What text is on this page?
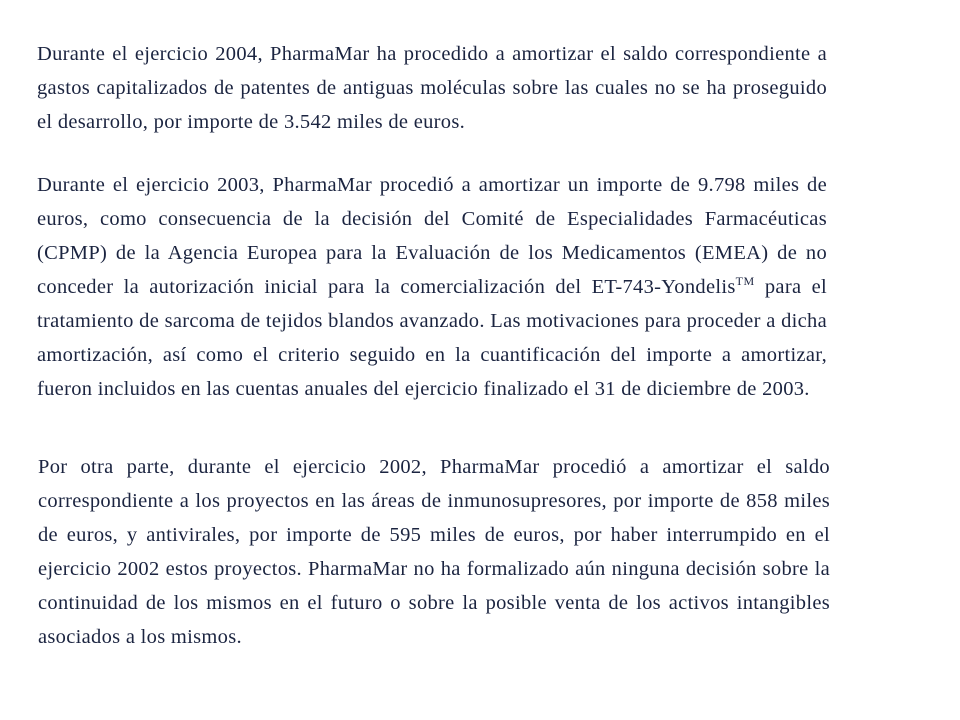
Durante el ejercicio 2004, PharmaMar ha procedido a amortizar el saldo correspondiente a gastos capitalizados de patentes de antiguas moléculas sobre las cuales no se ha proseguido el desarrollo, por importe de 3.542 miles de euros.

Durante el ejercicio 2003, PharmaMar procedió a amortizar un importe de 9.798 miles de euros, como consecuencia de la decisión del Comité de Especialidades Farmacéuticas (CPMP) de la Agencia Europea para la Evaluación de los Medicamentos (EMEA) de no conceder la autorización inicial para la comercialización del ET-743-Yondelis™ para el tratamiento de sarcoma de tejidos blandos avanzado. Las motivaciones para proceder a dicha amortización, así como el criterio seguido en la cuantificación del importe a amortizar, fueron incluidos en las cuentas anuales del ejercicio finalizado el 31 de diciembre de 2003.

Por otra parte, durante el ejercicio 2002, PharmaMar procedió a amortizar el saldo correspondiente a los proyectos en las áreas de inmunosupresores, por importe de 858 miles de euros, y antivirales, por importe de 595 miles de euros, por haber interrumpido en el ejercicio 2002 estos proyectos. PharmaMar no ha formalizado aún ninguna decisión sobre la continuidad de los mismos en el futuro o sobre la posible venta de los activos intangibles asociados a los mismos.
